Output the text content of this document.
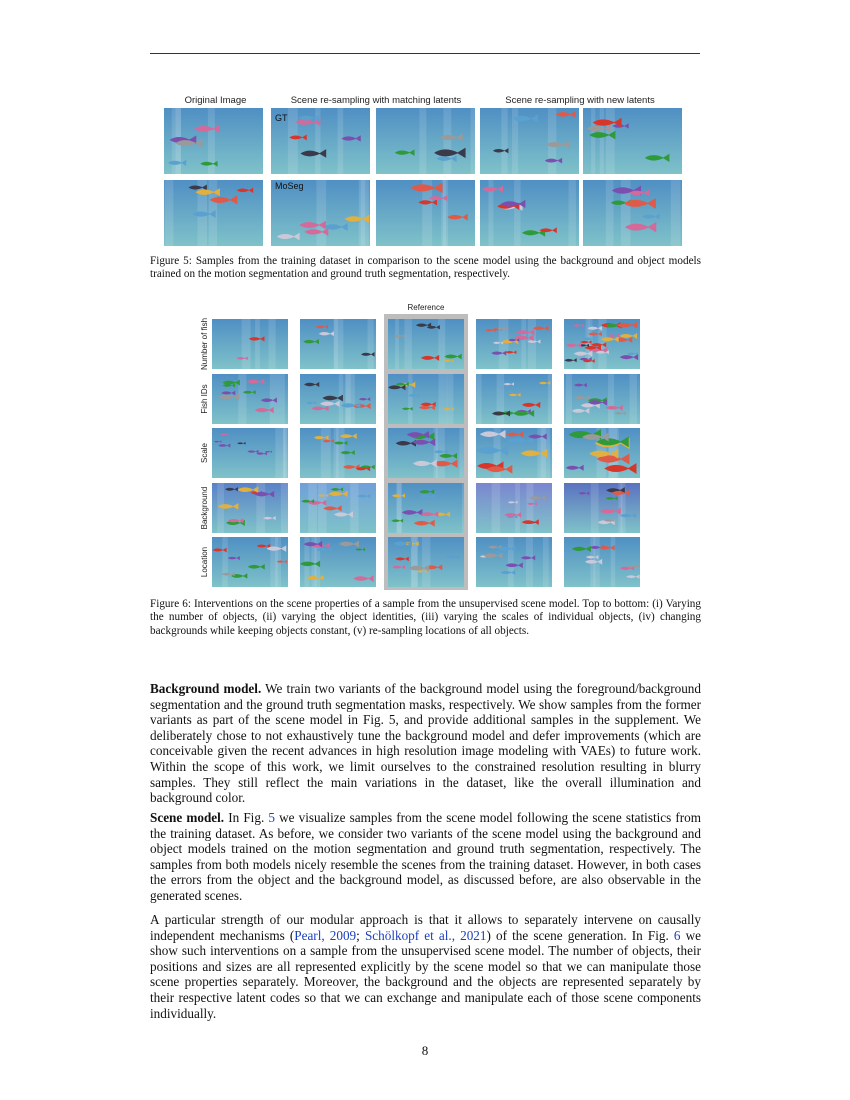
Original Image	Scene re-sampling with matching latents	Scene re-sampling with new latents
GT
MoSeg
Figure 5: Samples from the training dataset in comparison to the scene model using the background and object models trained on the motion segmentation and ground truth segmentation, respectively.
Reference
Number of fish
Fish IDs
Scale
Background
Location
Figure 6: Interventions on the scene properties of a sample from the unsupervised scene model. Top to bottom: (i) Varying the number of objects, (ii) varying the object identities, (iii) varying the scales of individual objects, (iv) changing backgrounds while keeping objects constant, (v) re-sampling locations of all objects.
Background model. We train two variants of the background model using the foreground/background segmentation and the ground truth segmentation masks, respectively. We show samples from the former variants as part of the scene model in Fig. 5, and provide additional samples in the supplement. We deliberately chose to not exhaustively tune the background model and defer improvements (which are conceivable given the recent advances in high resolution image modeling with VAEs) to future work. Within the scope of this work, we limit ourselves to the constrained resolution resulting in blurry samples. They still reflect the main variations in the dataset, like the overall illumination and background color.
Scene model. In Fig. 5 we visualize samples from the scene model following the scene statistics from the training dataset. As before, we consider two variants of the scene model using the background and object models trained on the motion segmentation and ground truth segmentation, respectively. The samples from both models nicely resemble the scenes from the training dataset. However, in both cases the errors from the object and the background model, as discussed before, are also observable in the generated scenes.
A particular strength of our modular approach is that it allows to separately intervene on causally independent mechanisms (Pearl, 2009; Schölkopf et al., 2021) of the scene generation. In Fig. 6 we show such interventions on a sample from the unsupervised scene model. The number of objects, their positions and sizes are all represented explicitly by the scene model so that we can manipulate those scene properties separately. Moreover, the background and the objects are represented separately by their respective latent codes so that we can exchange and manipulate each of those scene components individually.
8
